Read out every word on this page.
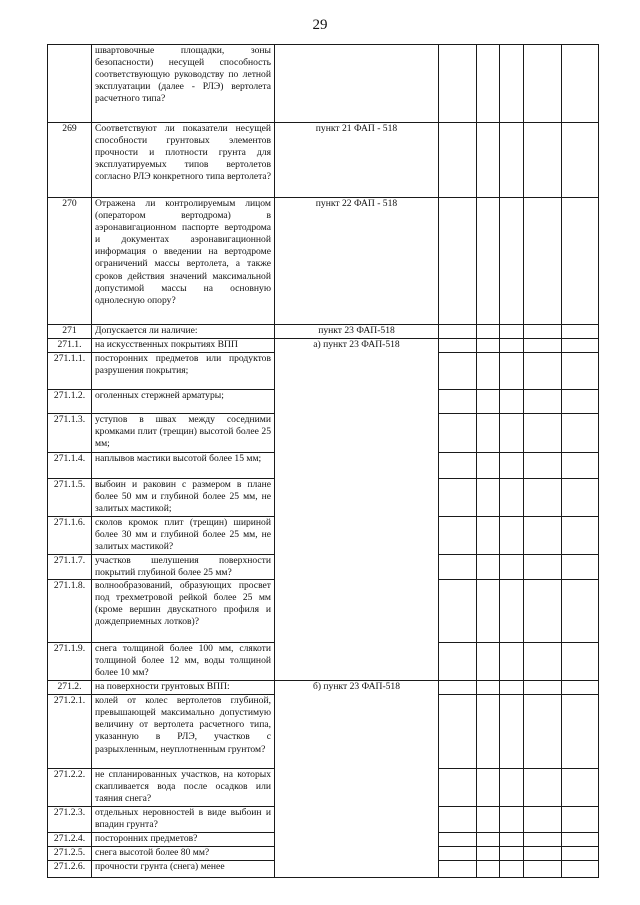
29
	швартовочные площадки, зоны безопасности) несущей способность соответствующую руководству по летной эксплуатации (далее - РЛЭ) вертолета расчетного типа?						
269	Соответствуют ли показатели несущей способности грунтовых элементов прочности и плотности грунта для эксплуатируемых типов вертолетов согласно РЛЭ конкретного типа вертолета?	пункт 21 ФАП - 518					
270	Отражена ли контролируемым лицом (оператором вертодрома) в аэронавигационном паспорте вертодрома и документах аэронавигационной информация о введении на вертодроме ограничений массы вертолета, а также сроков действия значений максимальной допустимой массы на основную однолесную опору?	пункт 22 ФАП - 518					
271	Допускается ли наличие:	пункт 23 ФАП-518					
271.1.	на искусственных покрытиях ВПП	а) пункт 23 ФАП-518					
271.1.1.	посторонних предметов или продуктов разрушения покрытия;						
271.1.2.	оголенных стержней арматуры;						
271.1.3.	уступов в швах между соседними кромками плит (трещин) высотой более 25 мм;						
271.1.4.	наплывов мастики высотой более 15 мм;						
271.1.5.	выбоин и раковин с размером в плане более 50 мм и глубиной более 25 мм, не залитых мастикой;						
271.1.6.	сколов кромок плит (трещин) шириной более 30 мм и глубиной более 25 мм, не залитых мастикой?						
271.1.7.	участков шелушения поверхности покрытий глубиной более 25 мм?						
271.1.8.	волнообразований, образующих просвет под трехметровой рейкой более 25 мм (кроме вершин двускатного профиля и дождеприемных лотков)?						
271.1.9.	снега толщиной более 100 мм, слякоти толщиной более 12 мм, воды толщиной более 10 мм?						
271.2.	на поверхности грунтовых ВПП:	б) пункт 23 ФАП-518					
271.2.1.	колей от колес вертолетов глубиной, превышающей максимально допустимую величину от вертолета расчетного типа, указанную в РЛЭ, участков с разрыхленным, неуплотненным грунтом?						
271.2.2.	не спланированных участков, на которых скапливается вода после осадков или таяния снега?						
271.2.3.	отдельных неровностей в виде выбоин и впадин грунта?						
271.2.4.	посторонних предметов?						
271.2.5.	снега высотой более 80 мм?						
271.2.6.	прочности грунта (снега) менее						
